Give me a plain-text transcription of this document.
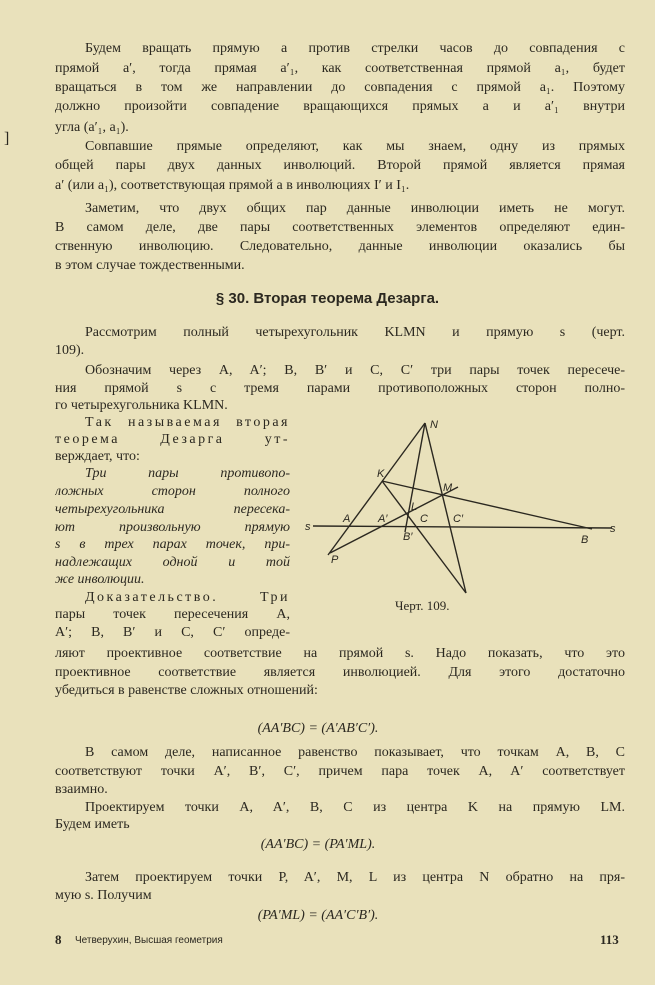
]
Будем вращать прямую a против стрелки часов до совпадения с
прямой a′, тогда прямая a′₁, как соответственная прямой a₁, будет
вращаться в том же направлении до совпадения с прямой a₁. Поэтому
должно произойти совпадение вращающихся прямых a и a′₁ внутри
угла (a′₁, a₁).
Совпавшие прямые определяют, как мы знаем, одну из прямых
общей пары двух данных инволюций. Второй прямой является прямая
a′ (или a₁), соответствующая прямой a в инволюциях I′ и I₁.
Заметим, что двух общих пар данные инволюции иметь не могут.
В самом деле, две пары соответственных элементов определяют един-
ственную инволюцию. Следовательно, данные инволюции оказались бы
в этом случае тождественными.
§ 30. Вторая теорема Дезарга.
Рассмотрим полный четырехугольник KLMN и прямую s (черт.
109).
Обозначим через A, A′; B, B′ и C, C′ три пары точек пересече-
ния прямой s с тремя парами противоположных сторон полно-
го четырехугольника KLMN.
Так называемая вторая
теорема Дезарга ут-
верждает, что:
Три пары противопо-
ложных сторон полного
четырехугольника пересека-
ют произвольную прямую
s в трех парах точек, при-
надлежащих одной и той
же инволюции.
Доказательство. Три
пары точек пересечения A,
A′; B, B′ и C, C′ опреде-
ляют проективное соответствие на прямой s. Надо показать, что это
проективное соответствие является инволюцией. Для этого достаточно
убедиться в равенстве сложных отношений:
(AA′BC) = (A′AB′C′).
В самом деле, написанное равенство показывает, что точкам A, B, C
соответствуют точки A′, B′, C′, причем пара точек A, A′ соответствует
взаимно.
Проектируем точки A, A′, B, C из центра K на прямую LM.
Будем иметь
(AA′BC) = (PA′ML).
Затем проектируем точки P, A′, M, L из центра N обратно на пря-
мую s. Получим
(PA′ML) = (AA′C′B′).
N
K
M
L
A	A′	C C′
B′	B
P
s	s
Черт. 109.
8 Четверухин, Высшая геометрия	113
